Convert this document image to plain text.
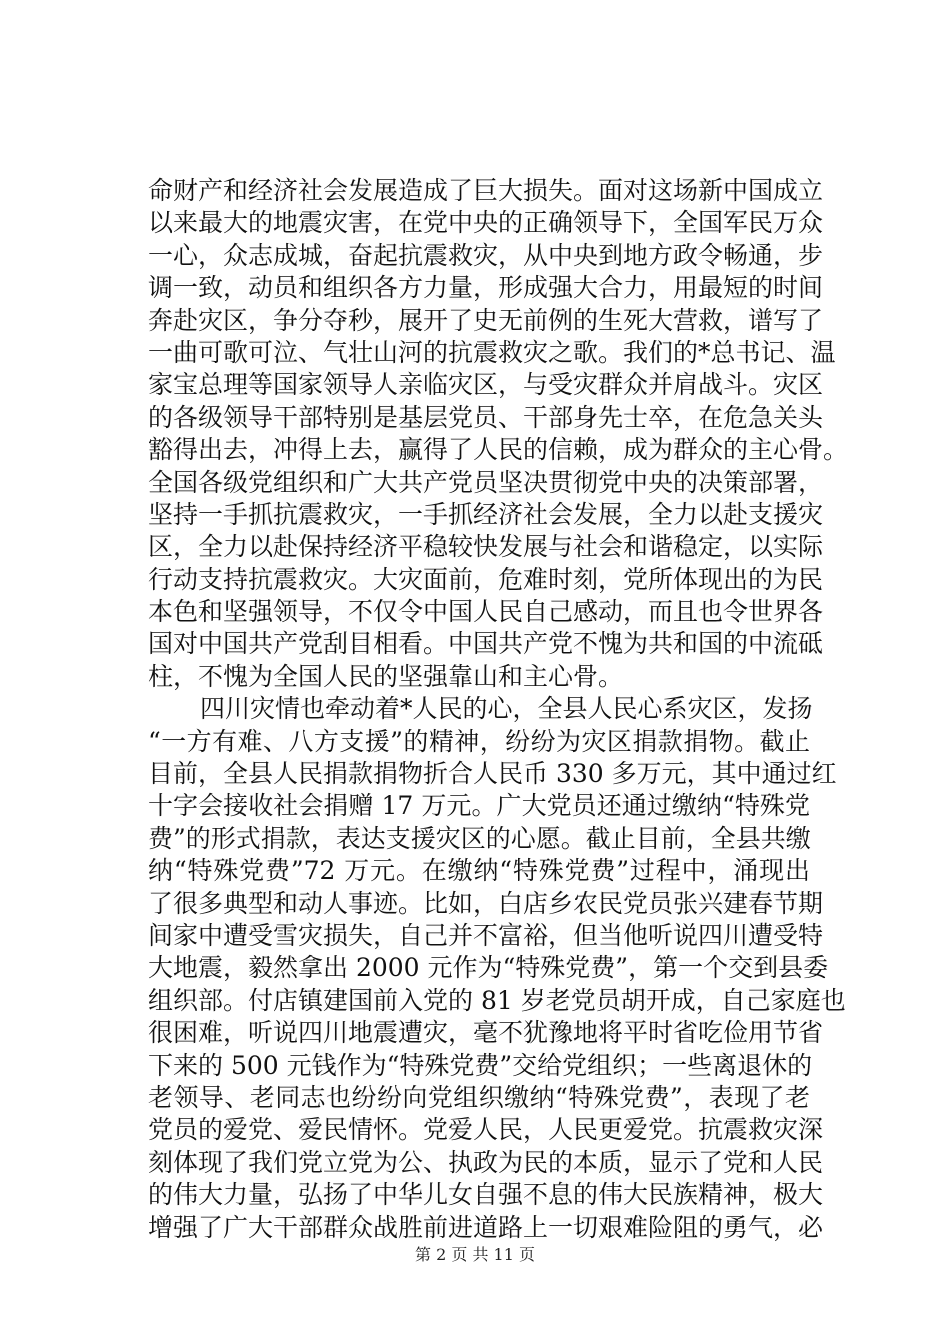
命财产和经济社会发展造成了巨大损失。面对这场新中国成立
以来最大的地震灾害，在党中央的正确领导下，全国军民万众
一心，众志成城，奋起抗震救灾，从中央到地方政令畅通，步
调一致，动员和组织各方力量，形成强大合力，用最短的时间
奔赴灾区，争分夺秒，展开了史无前例的生死大营救，谱写了
一曲可歌可泣、气壮山河的抗震救灾之歌。我们的*总书记、温
家宝总理等国家领导人亲临灾区，与受灾群众并肩战斗。灾区
的各级领导干部特别是基层党员、干部身先士卒，在危急关头
豁得出去，冲得上去，赢得了人民的信赖，成为群众的主心骨。
全国各级党组织和广大共产党员坚决贯彻党中央的决策部署，
坚持一手抓抗震救灾，一手抓经济社会发展，全力以赴支援灾
区，全力以赴保持经济平稳较快发展与社会和谐稳定，以实际
行动支持抗震救灾。大灾面前，危难时刻，党所体现出的为民
本色和坚强领导，不仅令中国人民自己感动，而且也令世界各
国对中国共产党刮目相看。中国共产党不愧为共和国的中流砥
柱，不愧为全国人民的坚强靠山和主心骨。
四川灾情也牵动着*人民的心，全县人民心系灾区，发扬
“一方有难、八方支援”的精神，纷纷为灾区捐款捐物。截止
目前，全县人民捐款捐物折合人民币 330 多万元，其中通过红
十字会接收社会捐赠 17 万元。广大党员还通过缴纳“特殊党
费”的形式捐款，表达支援灾区的心愿。截止目前，全县共缴
纳“特殊党费”72 万元。在缴纳“特殊党费”过程中，涌现出
了很多典型和动人事迹。比如，白店乡农民党员张兴建春节期
间家中遭受雪灾损失，自己并不富裕，但当他听说四川遭受特
大地震，毅然拿出 2000 元作为“特殊党费”，第一个交到县委
组织部。付店镇建国前入党的 81 岁老党员胡开成，自己家庭也
很困难，听说四川地震遭灾，毫不犹豫地将平时省吃俭用节省
下来的 500 元钱作为“特殊党费”交给党组织；一些离退休的
老领导、老同志也纷纷向党组织缴纳“特殊党费”，表现了老
党员的爱党、爱民情怀。党爱人民，人民更爱党。抗震救灾深
刻体现了我们党立党为公、执政为民的本质，显示了党和人民
的伟大力量，弘扬了中华儿女自强不息的伟大民族精神，极大
增强了广大干部群众战胜前进道路上一切艰难险阻的勇气，必
第 2 页 共 11 页
